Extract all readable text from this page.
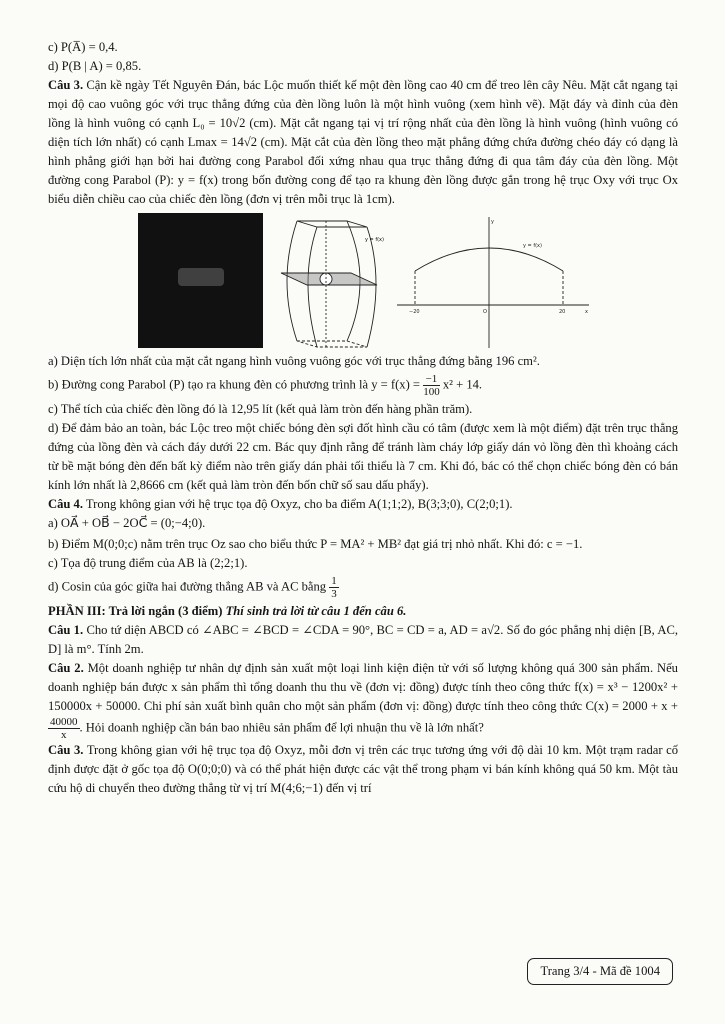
c) P(A̅) = 0,4.

d) P(B | A) = 0,85.

Câu 3. Cận kề ngày Tết Nguyên Đán, bác Lộc muốn thiết kế một đèn lồng cao 40 cm để treo lên cây Nêu. Mặt cắt ngang tại mọi độ cao vuông góc với trục thẳng đứng của đèn lồng luôn là một hình vuông (xem hình vẽ). Mặt đáy và đỉnh của đèn lồng là hình vuông có cạnh L₀ = 10√2 (cm). Mặt cắt ngang tại vị trí rộng nhất của đèn lồng là hình vuông (hình vuông có diện tích lớn nhất) có cạnh Lmax = 14√2 (cm). Mặt cắt của đèn lồng theo mặt phẳng đứng chứa đường chéo đáy có dạng là hình phẳng giới hạn bởi hai đường cong Parabol đối xứng nhau qua trục thẳng đứng đi qua tâm đáy của đèn lồng. Một đường cong Parabol (P): y = f(x) trong bốn đường cong để tạo ra khung đèn lồng được gắn trong hệ trục Oxy với trục Ox biểu diễn chiều cao của chiếc đèn lồng (đơn vị trên mỗi trục là 1cm).

y = f(x)
y
x
y = f(x)
−20	O	20

a) Diện tích lớn nhất của mặt cắt ngang hình vuông vuông góc với trục thẳng đứng bằng 196 cm².

b) Đường cong Parabol (P) tạo ra khung đèn có phương trình là $y = f(x) = \frac{-1}{100} x^2 + 14$.

c) Thể tích của chiếc đèn lồng đó là 12,95 lít (kết quả làm tròn đến hàng phần trăm).

d) Để đảm bảo an toàn, bác Lộc treo một chiếc bóng đèn sợi đốt hình cầu có tâm (được xem là một điểm) đặt trên trục thẳng đứng của lồng đèn và cách đáy dưới 22 cm. Bác quy định rằng để tránh làm cháy lớp giấy dán vỏ lồng đèn thì khoảng cách từ bề mặt bóng đèn đến bất kỳ điểm nào trên giấy dán phải tối thiểu là 7 cm. Khi đó, bác có thể chọn chiếc bóng đèn có bán kính lớn nhất là 2,8666 cm (kết quả làm tròn đến bốn chữ số sau dấu phẩy).

Câu 4. Trong không gian với hệ trục tọa độ Oxyz, cho ba điểm A(1;1;2), B(3;3;0), C(2;0;1).

a) OA⃗ + OB⃗ − 2OC⃗ = (0;−4;0).

b) Điểm M(0;0;c) nằm trên trục Oz sao cho biểu thức P = MA² + MB² đạt giá trị nhỏ nhất. Khi đó: c = −1.

c) Tọa độ trung điểm của AB là (2;2;1).

d) Cosin của góc giữa hai đường thẳng AB và AC bằng $\frac{1}{3}$

PHẦN III: Trả lời ngắn (3 điểm) Thí sinh trả lời từ câu 1 đến câu 6.

Câu 1. Cho tứ diện ABCD có ∠ABC = ∠BCD = ∠CDA = 90°, BC = CD = a, AD = a√2. Số đo góc phẳng nhị diện [B, AC, D] là m°. Tính 2m.

Câu 2. Một doanh nghiệp tư nhân dự định sản xuất một loại linh kiện điện tử với số lượng không quá 300 sản phẩm. Nếu doanh nghiệp bán được x sản phẩm thì tổng doanh thu thu về (đơn vị: đồng) được tính theo công thức f(x) = x³ − 1200x² + 150000x + 50000. Chi phí sản xuất bình quân cho một sản phẩm (đơn vị: đồng) được tính theo công thức C(x) = 2000 + x +
$\frac{40000}{x}$ . Hỏi doanh nghiệp cần bán bao nhiêu sản phẩm để lợi nhuận thu về là lớn nhất?

Câu 3. Trong không gian với hệ trục tọa độ Oxyz, mỗi đơn vị trên các trục tương ứng với độ dài 10 km. Một trạm radar cố định được đặt ở gốc tọa độ O(0;0;0) và có thể phát hiện được các vật thể trong phạm vi bán kính không quá 50 km. Một tàu cứu hộ di chuyển theo đường thẳng từ vị trí M(4;6;−1) đến vị trí

Trang 3/4 - Mã đề 1004
